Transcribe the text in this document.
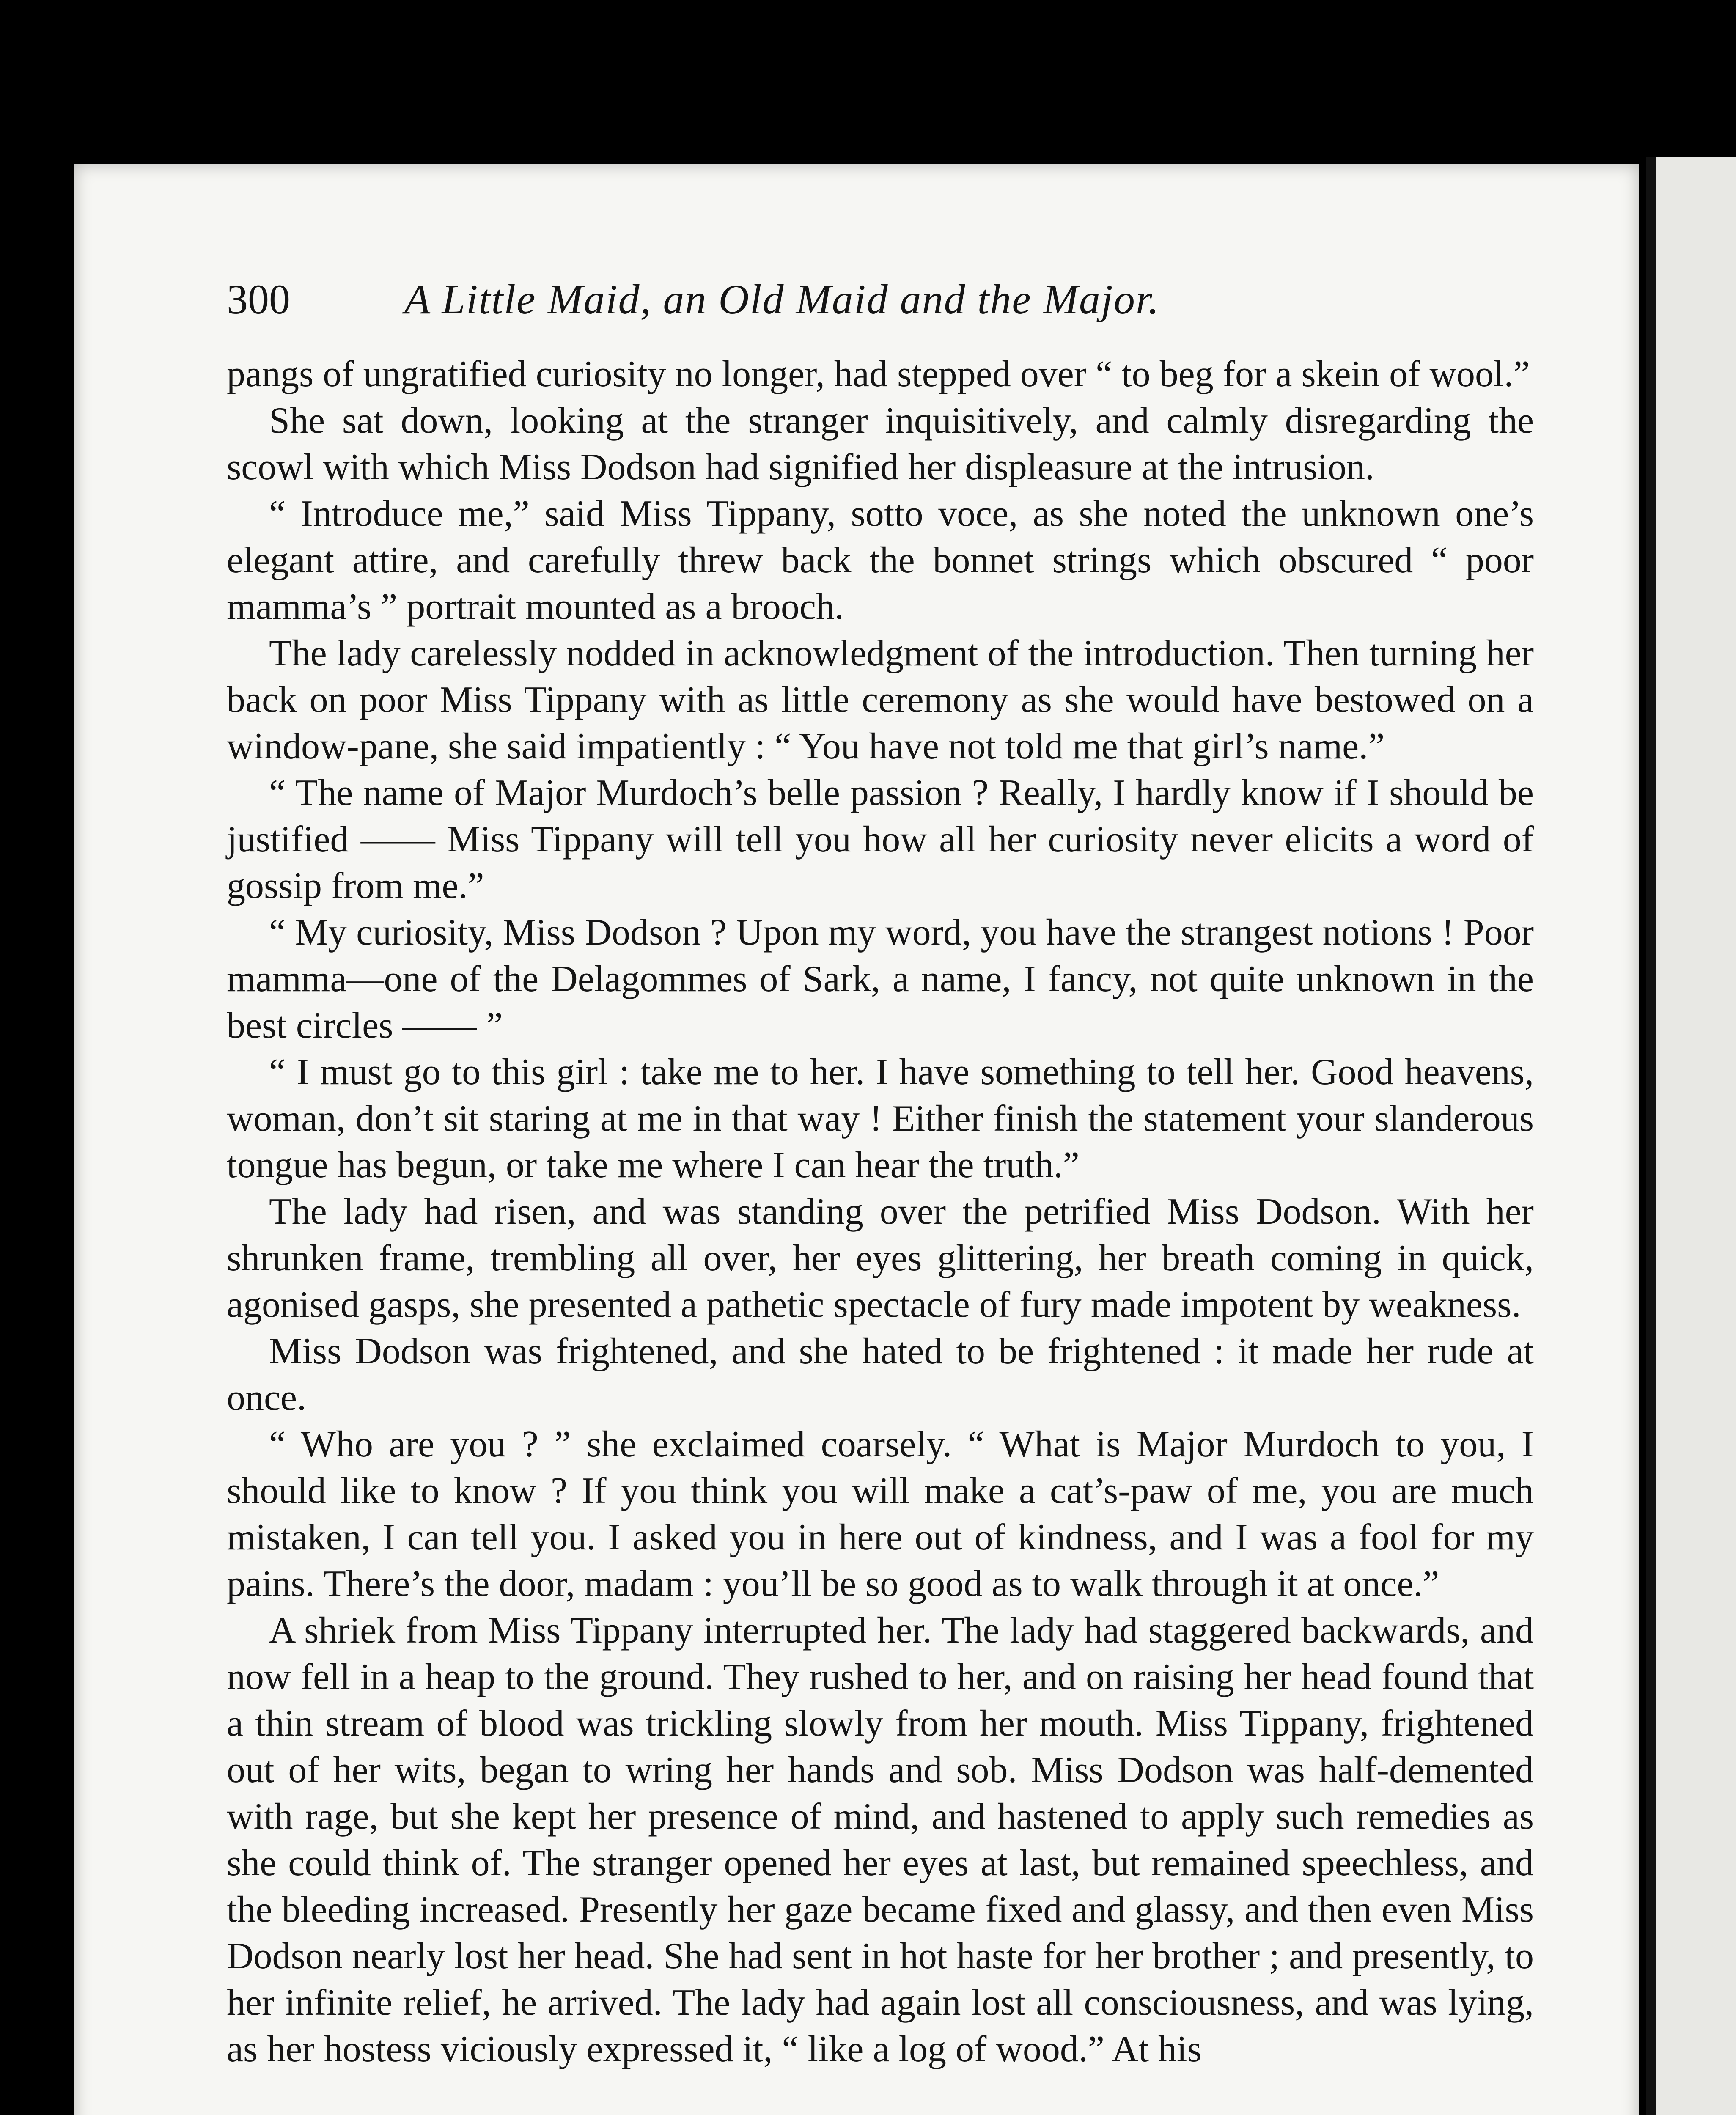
300	A Little Maid, an Old Maid and the Major.

pangs of ungratified curiosity no longer, had stepped over “ to beg for a skein of wool.”

She sat down, looking at the stranger inquisitively, and calmly disregarding the scowl with which Miss Dodson had signified her displeasure at the intrusion.

“ Introduce me,” said Miss Tippany, sotto voce, as she noted the unknown one’s elegant attire, and carefully threw back the bonnet strings which obscured “ poor mamma’s ” portrait mounted as a brooch.

The lady carelessly nodded in acknowledgment of the introduction. Then turning her back on poor Miss Tippany with as little ceremony as she would have bestowed on a window-pane, she said impatiently : “ You have not told me that girl’s name.”

“ The name of Major Murdoch’s belle passion ? Really, I hardly know if I should be justified —— Miss Tippany will tell you how all her curiosity never elicits a word of gossip from me.”

“ My curiosity, Miss Dodson ? Upon my word, you have the strangest notions ! Poor mamma—one of the Delagommes of Sark, a name, I fancy, not quite unknown in the best circles —— ”

“ I must go to this girl : take me to her. I have something to tell her. Good heavens, woman, don’t sit staring at me in that way ! Either finish the statement your slanderous tongue has begun, or take me where I can hear the truth.”

The lady had risen, and was standing over the petrified Miss Dodson. With her shrunken frame, trembling all over, her eyes glittering, her breath coming in quick, agonised gasps, she presented a pathetic spectacle of fury made impotent by weakness.

Miss Dodson was frightened, and she hated to be frightened : it made her rude at once.

“ Who are you ? ” she exclaimed coarsely. “ What is Major Murdoch to you, I should like to know ? If you think you will make a cat’s-paw of me, you are much mistaken, I can tell you. I asked you in here out of kindness, and I was a fool for my pains. There’s the door, madam : you’ll be so good as to walk through it at once.”

A shriek from Miss Tippany interrupted her. The lady had staggered backwards, and now fell in a heap to the ground. They rushed to her, and on raising her head found that a thin stream of blood was trickling slowly from her mouth. Miss Tippany, frightened out of her wits, began to wring her hands and sob. Miss Dodson was half-demented with rage, but she kept her presence of mind, and hastened to apply such remedies as she could think of. The stranger opened her eyes at last, but remained speechless, and the bleeding increased. Presently her gaze became fixed and glassy, and then even Miss Dodson nearly lost her head. She had sent in hot haste for her brother ; and presently, to her infinite relief, he arrived. The lady had again lost all consciousness, and was lying, as her hostess viciously expressed it, “ like a log of wood.” At his
